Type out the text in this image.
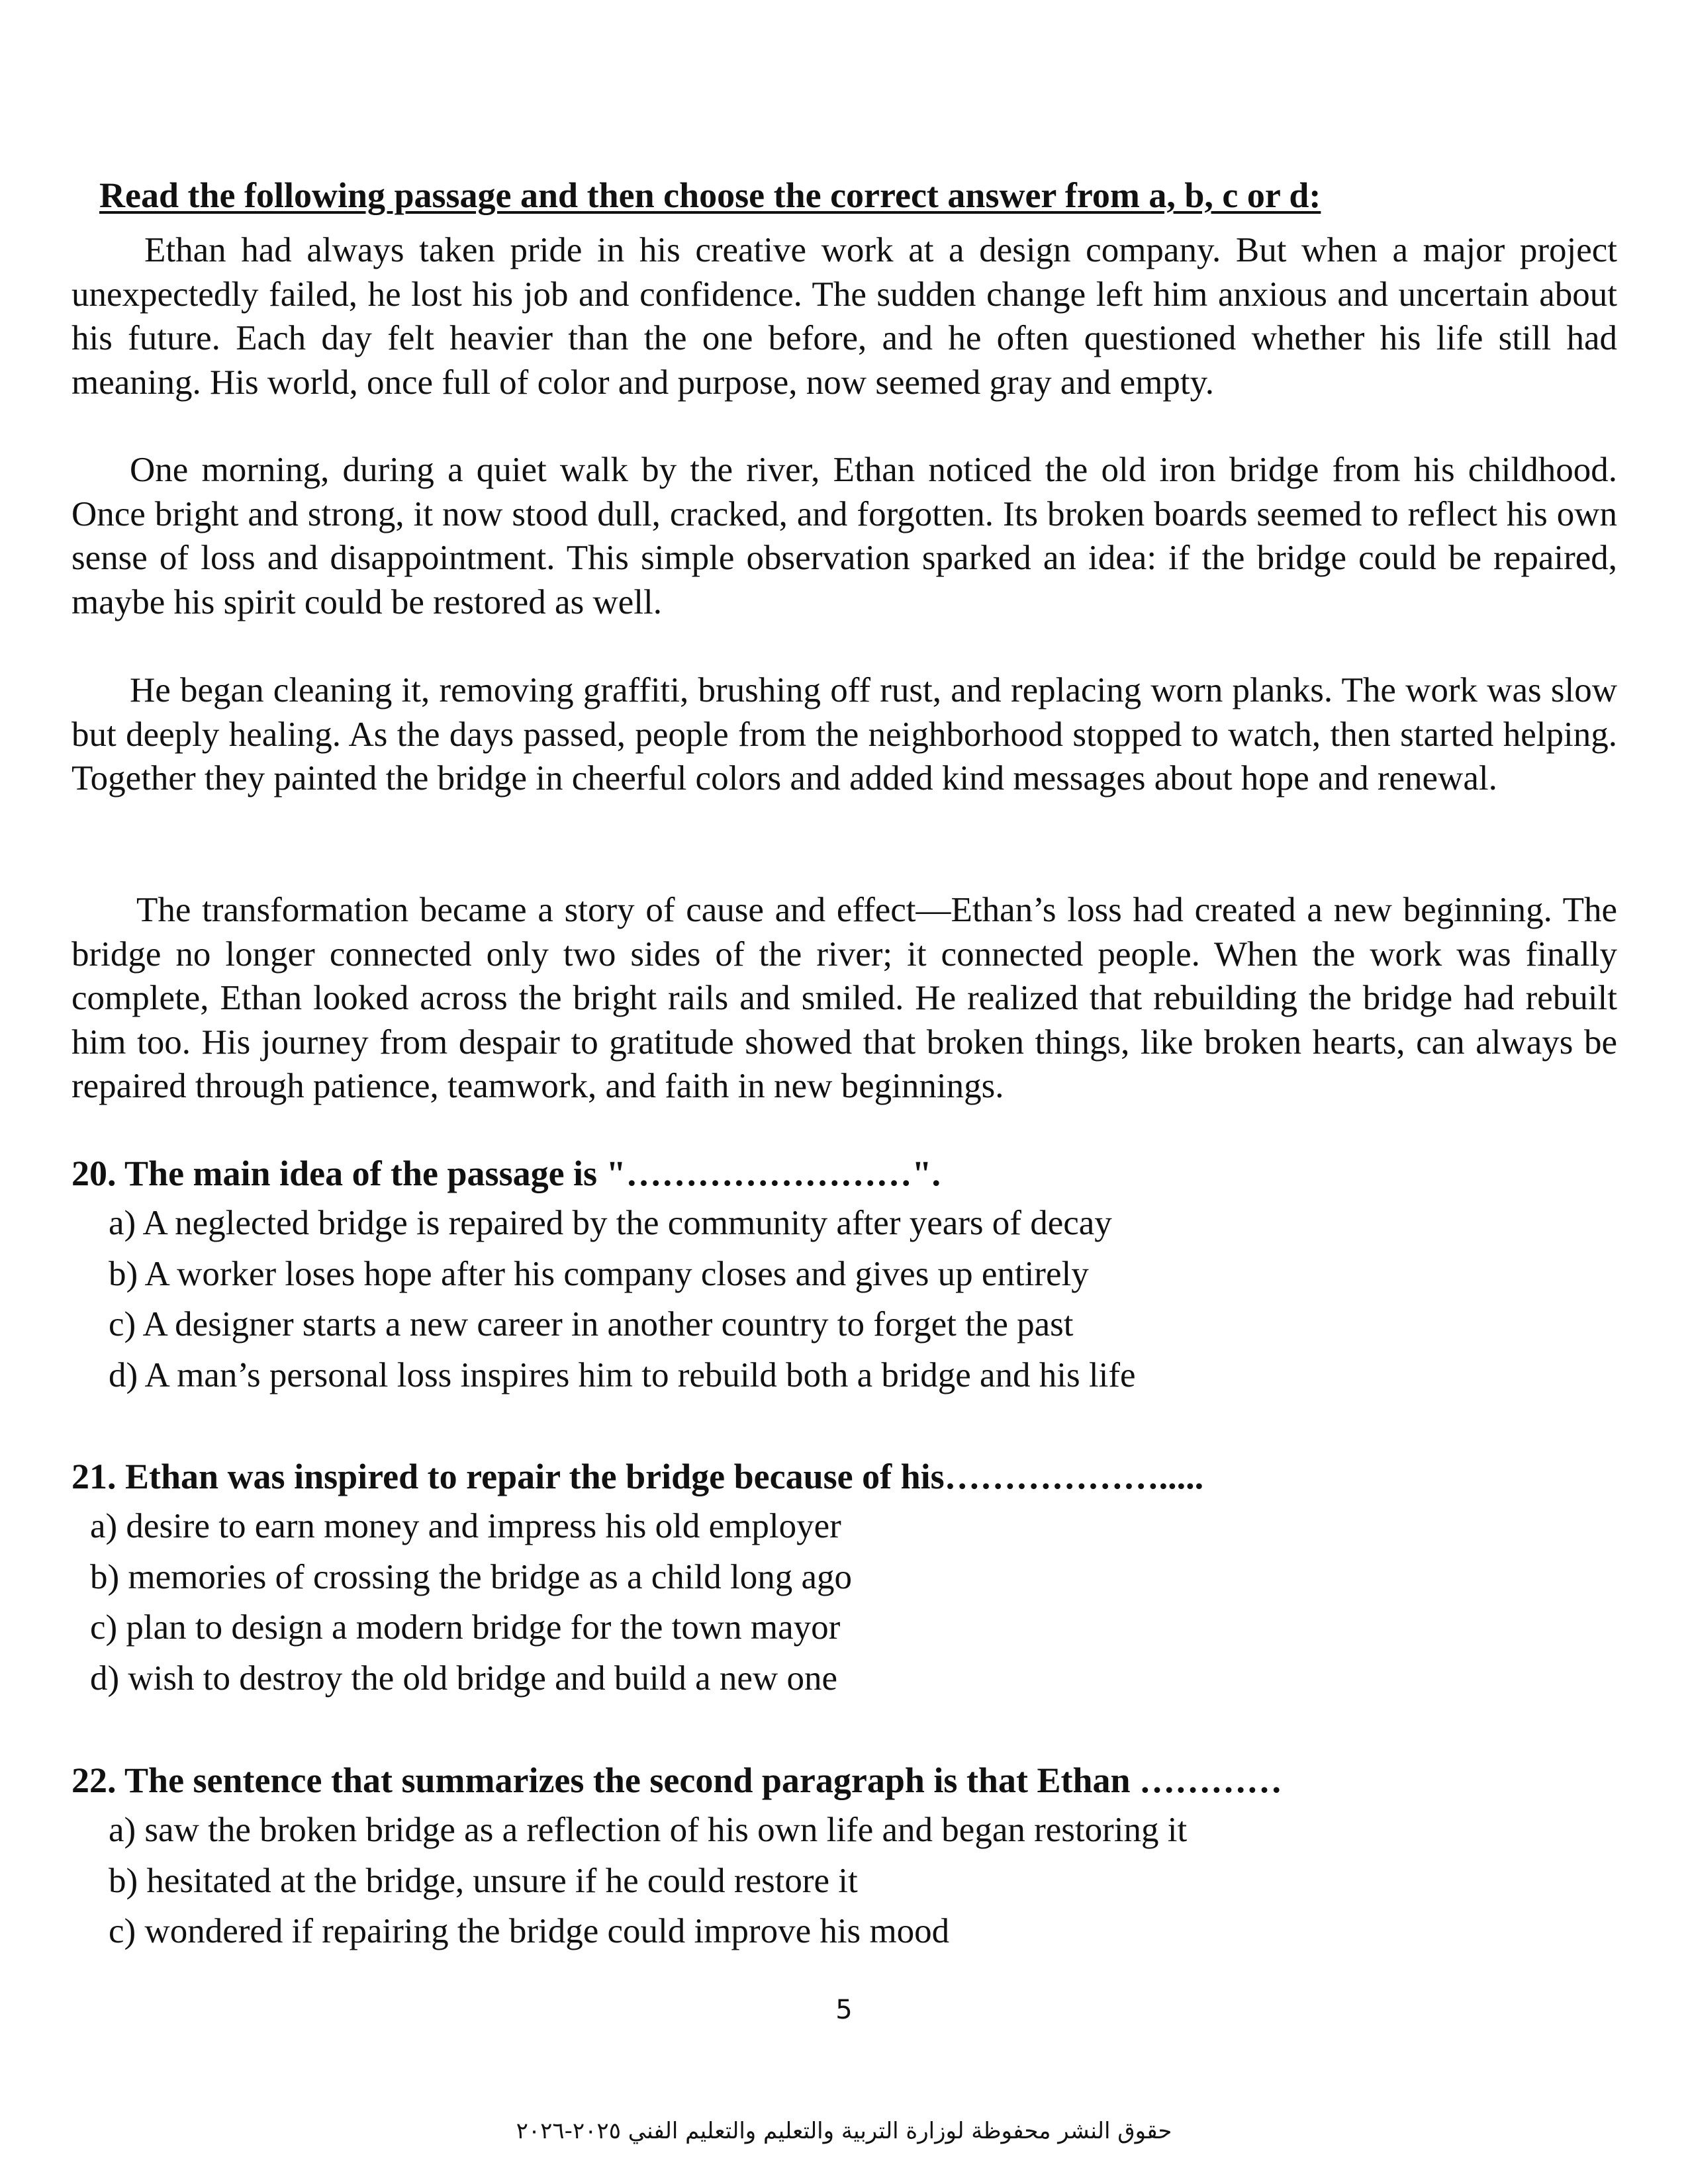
Read the following passage and then choose the correct answer from a, b, c or d:

Ethan had always taken pride in his creative work at a design company. But when a major project unexpectedly failed, he lost his job and confidence. The sudden change left him anxious and uncertain about his future. Each day felt heavier than the one before, and he often questioned whether his life still had meaning. His world, once full of color and purpose, now seemed gray and empty.

One morning, during a quiet walk by the river, Ethan noticed the old iron bridge from his childhood. Once bright and strong, it now stood dull, cracked, and forgotten. Its broken boards seemed to reflect his own sense of loss and disappointment. This simple observation sparked an idea: if the bridge could be repaired, maybe his spirit could be restored as well.

He began cleaning it, removing graffiti, brushing off rust, and replacing worn planks. The work was slow but deeply healing. As the days passed, people from the neighborhood stopped to watch, then started helping. Together they painted the bridge in cheerful colors and added kind messages about hope and renewal.

The transformation became a story of cause and effect—Ethan’s loss had created a new beginning. The bridge no longer connected only two sides of the river; it connected people. When the work was finally complete, Ethan looked across the bright rails and smiled. He realized that rebuilding the bridge had rebuilt him too. His journey from despair to gratitude showed that broken things, like broken hearts, can always be repaired through patience, teamwork, and faith in new beginnings.

20. The main idea of the passage is "……………………".
a) A neglected bridge is repaired by the community after years of decay
b) A worker loses hope after his company closes and gives up entirely
c) A designer starts a new career in another country to forget the past
d) A man’s personal loss inspires him to rebuild both a bridge and his life
21. Ethan was inspired to repair the bridge because of his……………….....
a) desire to earn money and impress his old employer
b) memories of crossing the bridge as a child long ago
c) plan to design a modern bridge for the town mayor
d) wish to destroy the old bridge and build a new one
22. The sentence that summarizes the second paragraph is that Ethan …………
a) saw the broken bridge as a reflection of his own life and began restoring it
b) hesitated at the bridge, unsure if he could restore it
c) wondered if repairing the bridge could improve his mood
5
حقوق النشر محفوظة لوزارة التربية والتعليم والتعليم الفني ٢٠٢٥-٢٠٢٦
